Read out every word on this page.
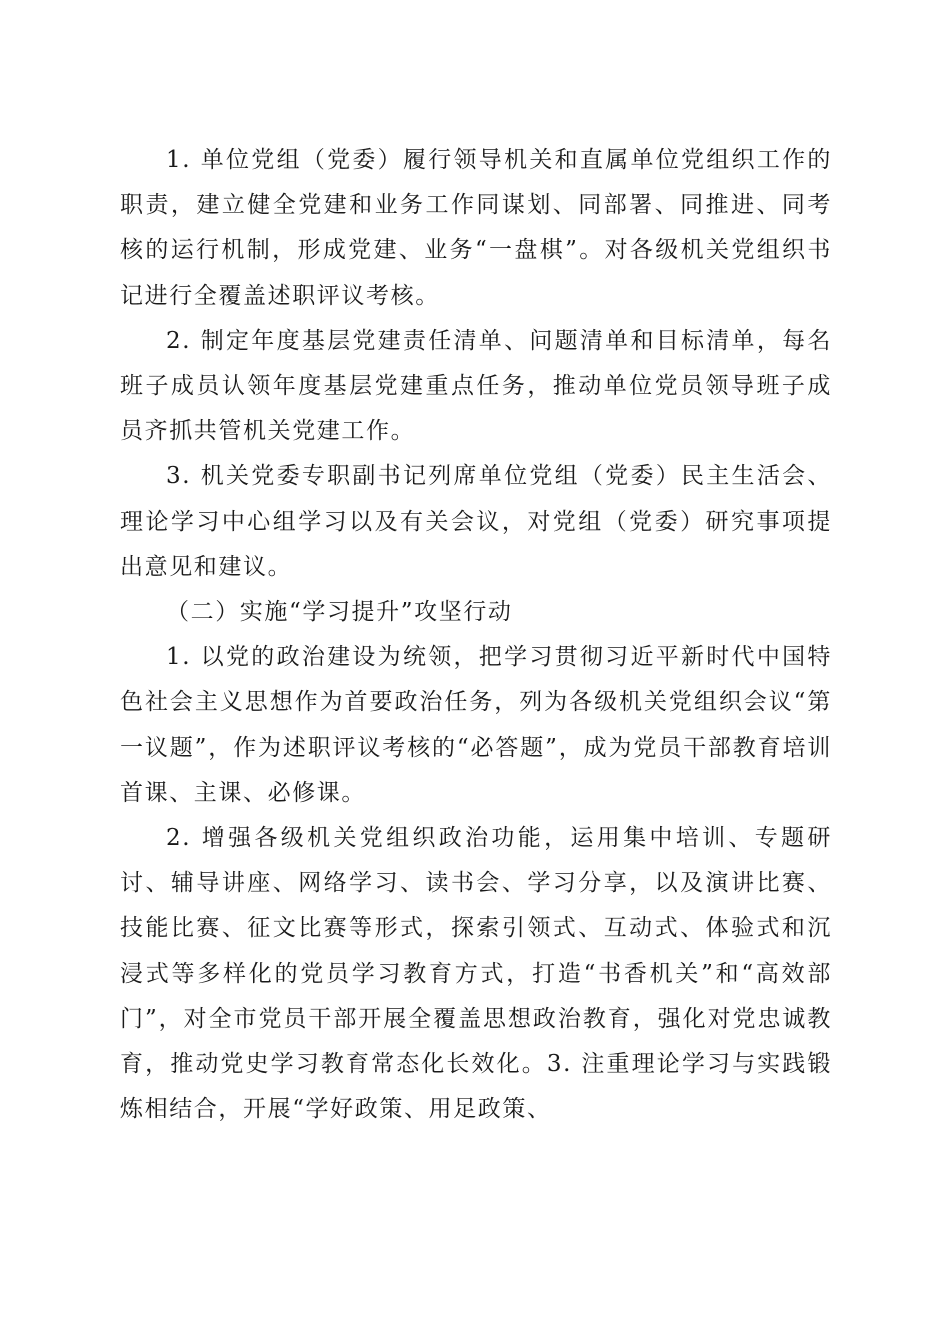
1. 单位党组（党委）履行领导机关和直属单位党组织工作的职责，建立健全党建和业务工作同谋划、同部署、同推进、同考核的运行机制，形成党建、业务“一盘棋”。对各级机关党组织书记进行全覆盖述职评议考核。

2. 制定年度基层党建责任清单、问题清单和目标清单，每名班子成员认领年度基层党建重点任务，推动单位党员领导班子成员齐抓共管机关党建工作。

3. 机关党委专职副书记列席单位党组（党委）民主生活会、理论学习中心组学习以及有关会议，对党组（党委）研究事项提出意见和建议。

（二）实施“学习提升”攻坚行动

1. 以党的政治建设为统领，把学习贯彻习近平新时代中国特色社会主义思想作为首要政治任务，列为各级机关党组织会议“第一议题”，作为述职评议考核的“必答题”，成为党员干部教育培训首课、主课、必修课。

2. 增强各级机关党组织政治功能，运用集中培训、专题研讨、辅导讲座、网络学习、读书会、学习分享，以及演讲比赛、技能比赛、征文比赛等形式，探索引领式、互动式、体验式和沉浸式等多样化的党员学习教育方式，打造“书香机关”和“高效部门”，对全市党员干部开展全覆盖思想政治教育，强化对党忠诚教育，推动党史学习教育常态化长效化。3. 注重理论学习与实践锻炼相结合，开展“学好政策、用足政策、
